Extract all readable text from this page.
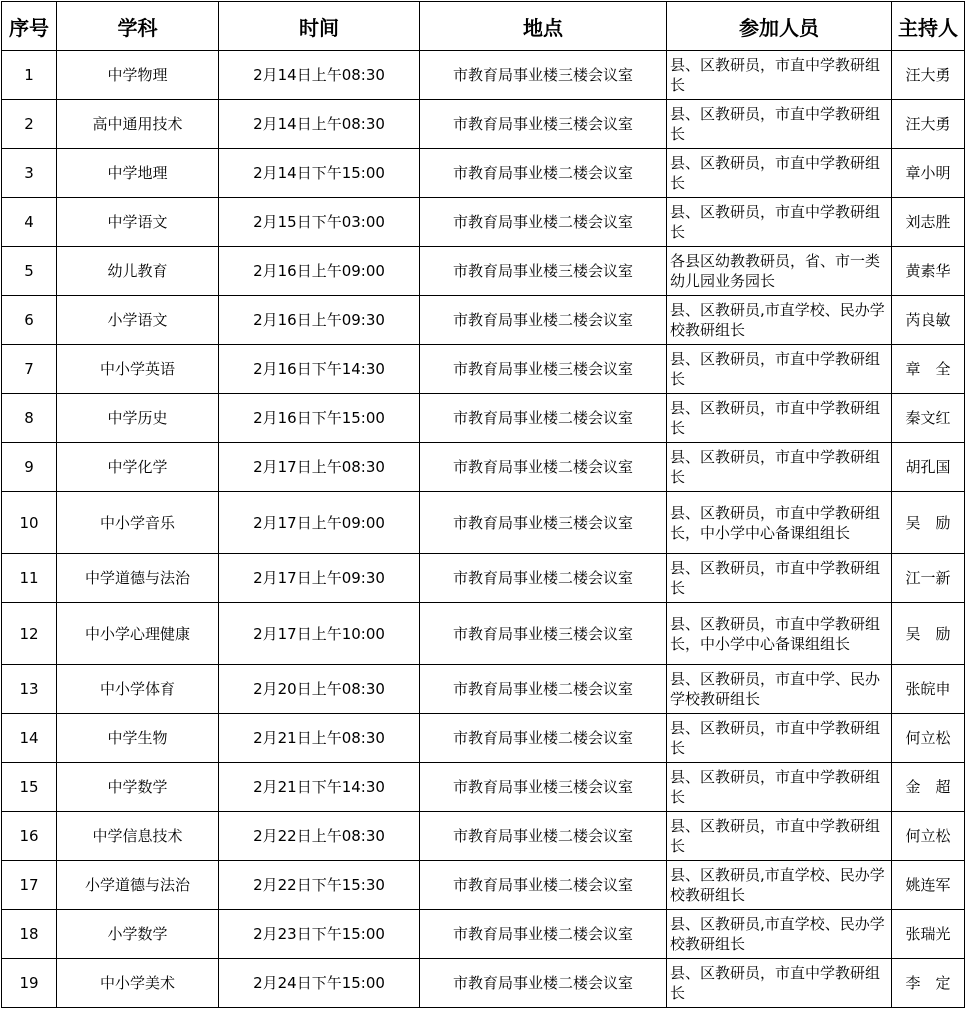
序号	学科	时间	地点	参加人员	主持人
1	中学物理	2月14日上午08:30	市教育局事业楼三楼会议室	县、区教研员，市直中学教研组长	汪大勇
2	高中通用技术	2月14日上午08:30	市教育局事业楼三楼会议室	县、区教研员，市直中学教研组长	汪大勇
3	中学地理	2月14日下午15:00	市教育局事业楼二楼会议室	县、区教研员，市直中学教研组长	章小明
4	中学语文	2月15日下午03:00	市教育局事业楼二楼会议室	县、区教研员，市直中学教研组长	刘志胜
5	幼儿教育	2月16日上午09:00	市教育局事业楼三楼会议室	各县区幼教教研员，省、市一类幼儿园业务园长	黄素华
6	小学语文	2月16日上午09:30	市教育局事业楼二楼会议室	县、区教研员,市直学校、民办学校教研组长	芮良敏
7	中小学英语	2月16日下午14:30	市教育局事业楼三楼会议室	县、区教研员，市直中学教研组长	章　全
8	中学历史	2月16日下午15:00	市教育局事业楼二楼会议室	县、区教研员，市直中学教研组长	秦文红
9	中学化学	2月17日上午08:30	市教育局事业楼二楼会议室	县、区教研员，市直中学教研组长	胡孔国
10	中小学音乐	2月17日上午09:00	市教育局事业楼三楼会议室	县、区教研员，市直中学教研组长，中小学中心备课组组长	吴　励
11	中学道德与法治	2月17日上午09:30	市教育局事业楼二楼会议室	县、区教研员，市直中学教研组长	江一新
12	中小学心理健康	2月17日上午10:00	市教育局事业楼三楼会议室	县、区教研员，市直中学教研组长，中小学中心备课组组长	吴　励
13	中小学体育	2月20日上午08:30	市教育局事业楼二楼会议室	县、区教研员，市直中学、民办学校教研组长	张皖申
14	中学生物	2月21日上午08:30	市教育局事业楼二楼会议室	县、区教研员，市直中学教研组长	何立松
15	中学数学	2月21日下午14:30	市教育局事业楼三楼会议室	县、区教研员，市直中学教研组长	金　超
16	中学信息技术	2月22日上午08:30	市教育局事业楼二楼会议室	县、区教研员，市直中学教研组长	何立松
17	小学道德与法治	2月22日下午15:30	市教育局事业楼二楼会议室	县、区教研员,市直学校、民办学校教研组长	姚连军
18	小学数学	2月23日下午15:00	市教育局事业楼二楼会议室	县、区教研员,市直学校、民办学校教研组长	张瑞光
19	中小学美术	2月24日下午15:00	市教育局事业楼二楼会议室	县、区教研员，市直中学教研组长	李　定
